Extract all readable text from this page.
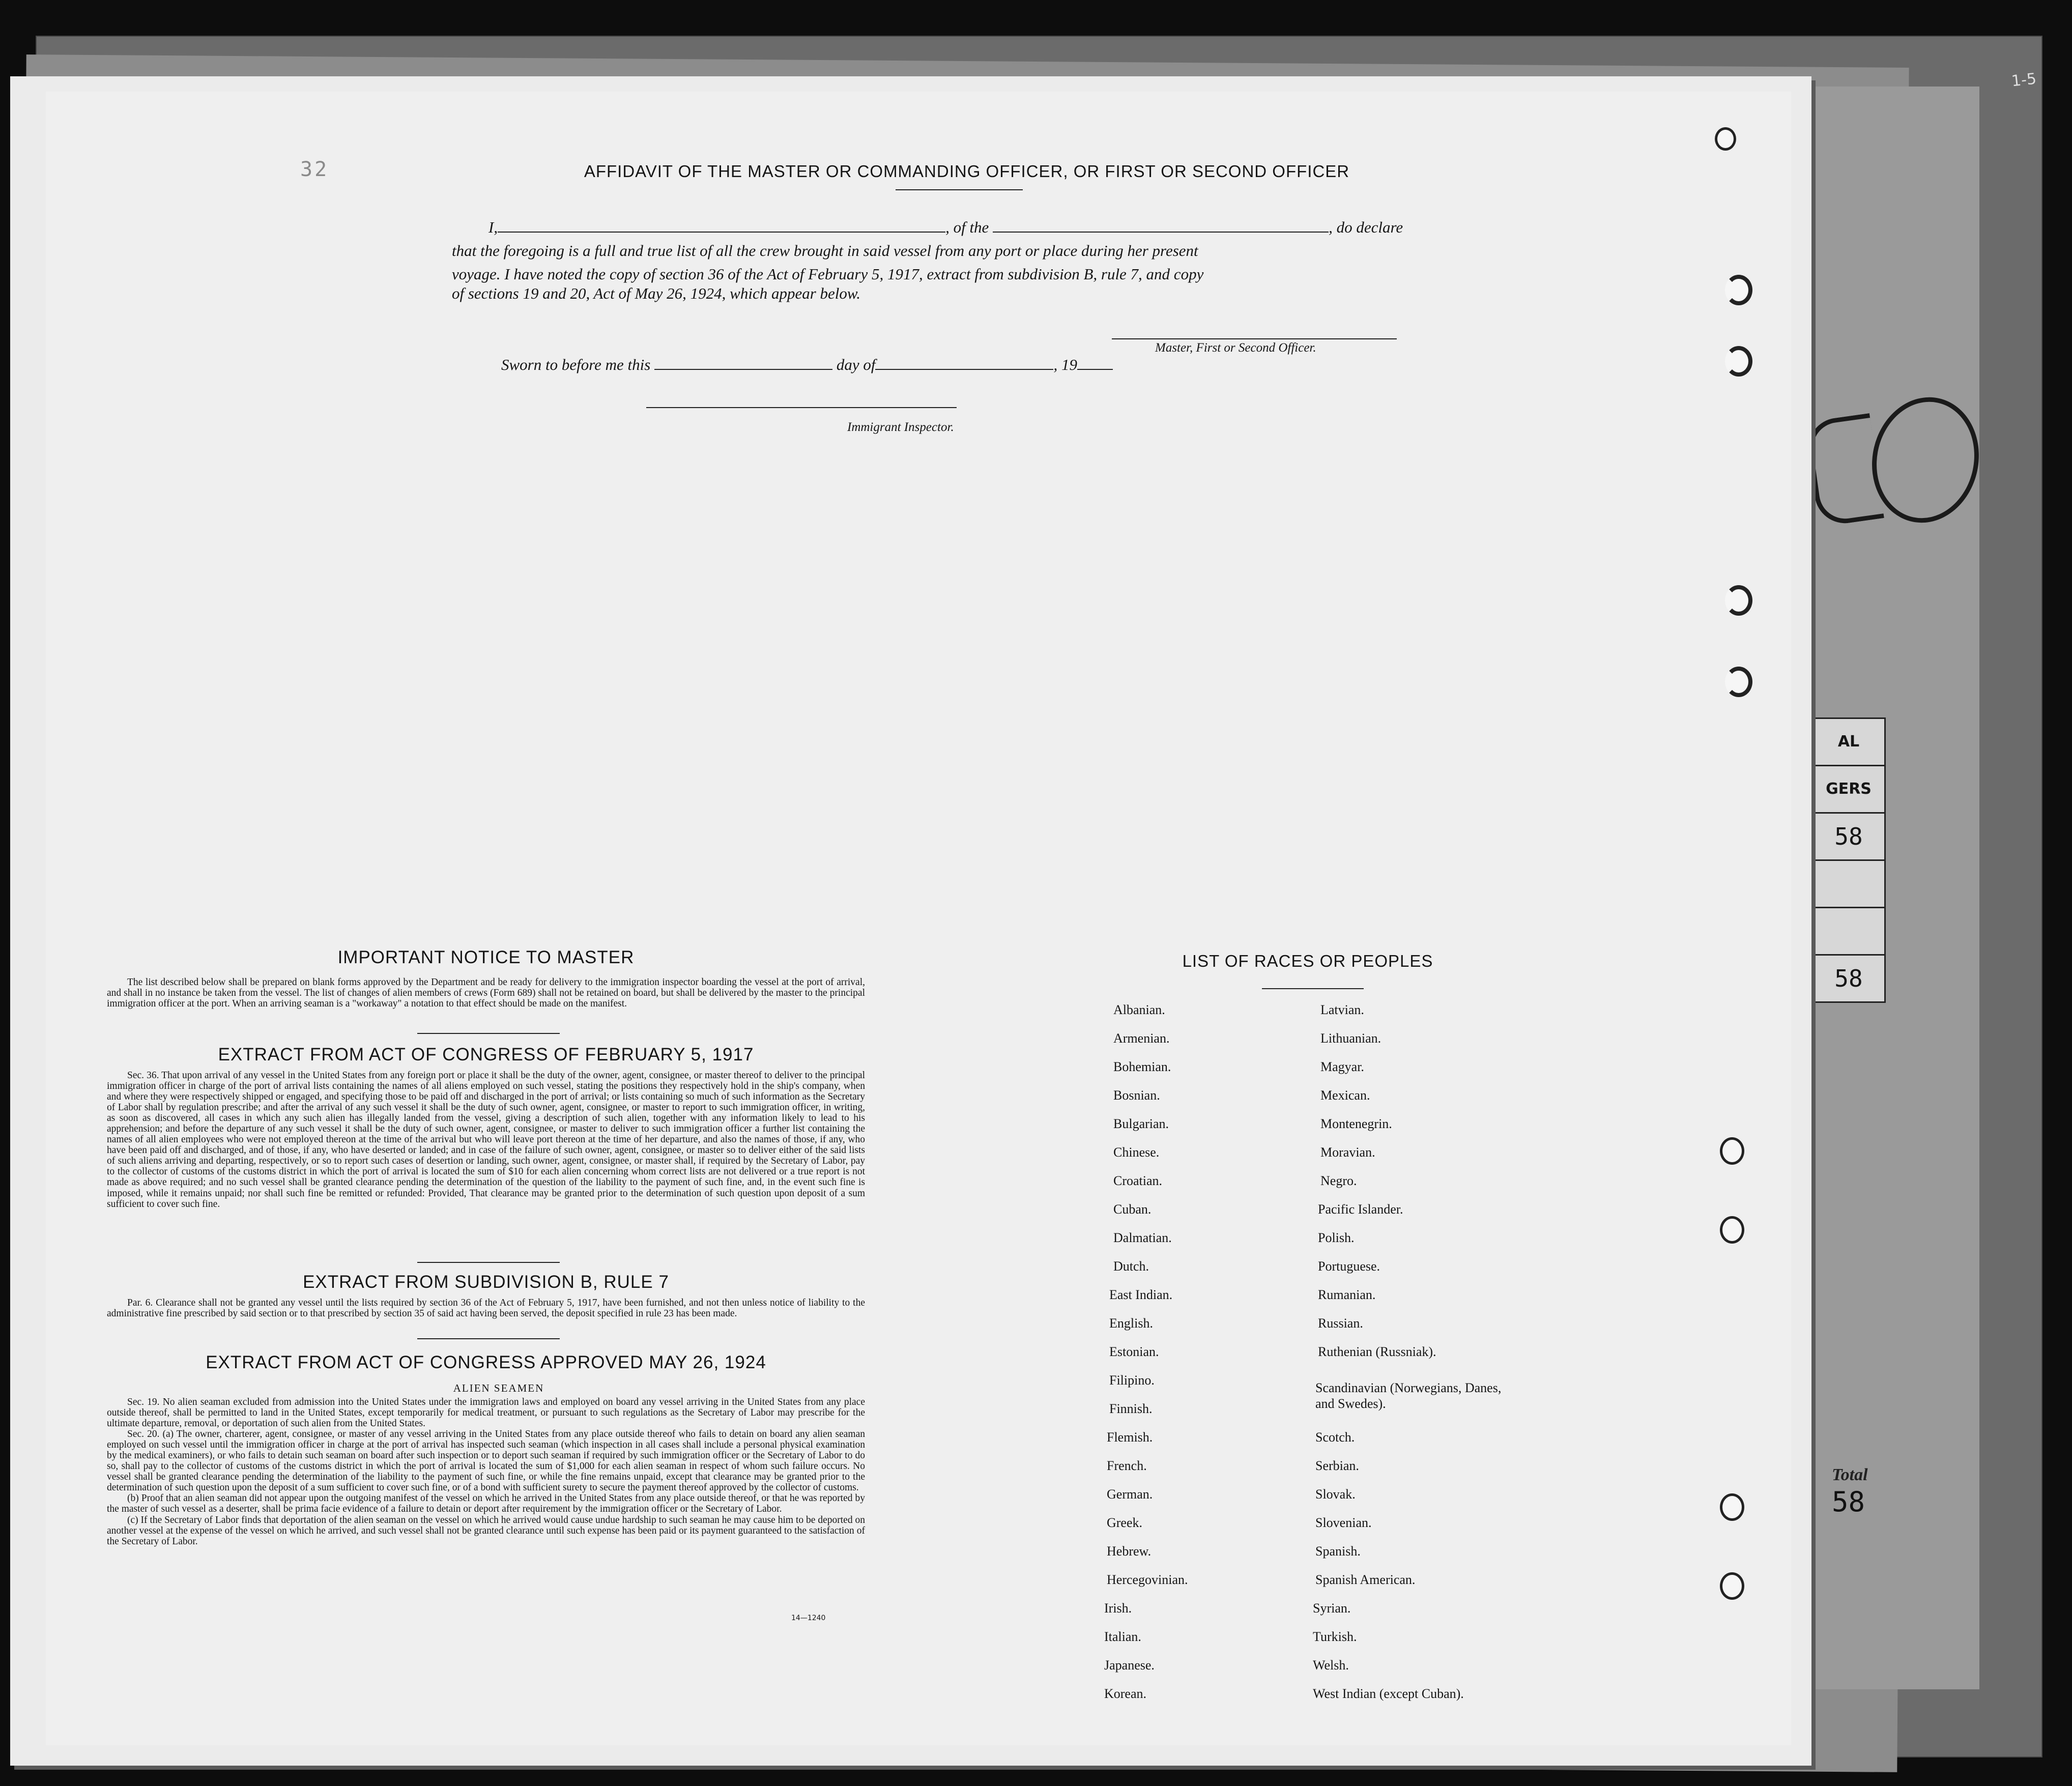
1-5
AL
GERS
58
58
Total
58
32	AFFIDAVIT OF THE MASTER OR COMMANDING OFFICER, OR FIRST OR SECOND OFFICER
I,	, of the	, do declare
that the foregoing is a full and true list of all the crew brought in said vessel from any port or place during her present
voyage. I have noted the copy of section 36 of the Act of February 5, 1917, extract from subdivision B, rule 7, and copy
of sections 19 and 20, Act of May 26, 1924, which appear below.
Master, First or Second Officer.
Sworn to before me this	day of	, 19
Immigrant Inspector.
IMPORTANT NOTICE TO MASTER

The list described below shall be prepared on blank forms approved by the Department and be ready for delivery to the immigration inspector boarding the vessel at the port of arrival, and shall in no instance be taken from the vessel. The list of changes of alien members of crews (Form 689) shall not be retained on board, but shall be delivered by the master to the principal immigration officer at the port. When an arriving seaman is a "workaway" a notation to that effect should be made on the manifest.

EXTRACT FROM ACT OF CONGRESS OF FEBRUARY 5, 1917

Sec. 36. That upon arrival of any vessel in the United States from any foreign port or place it shall be the duty of the owner, agent, consignee, or master thereof to deliver to the principal immigration officer in charge of the port of arrival lists containing the names of all aliens employed on such vessel, stating the positions they respectively hold in the ship's company, when and where they were respectively shipped or engaged, and specifying those to be paid off and discharged in the port of arrival; or lists containing so much of such information as the Secretary of Labor shall by regulation prescribe; and after the arrival of any such vessel it shall be the duty of such owner, agent, consignee, or master to report to such immigration officer, in writing, as soon as discovered, all cases in which any such alien has illegally landed from the vessel, giving a description of such alien, together with any information likely to lead to his apprehension; and before the departure of any such vessel it shall be the duty of such owner, agent, consignee, or master to deliver to such immigration officer a further list containing the names of all alien employees who were not employed thereon at the time of the arrival but who will leave port thereon at the time of her departure, and also the names of those, if any, who have been paid off and discharged, and of those, if any, who have deserted or landed; and in case of the failure of such owner, agent, consignee, or master so to deliver either of the said lists of such aliens arriving and departing, respectively, or so to report such cases of desertion or landing, such owner, agent, consignee, or master shall, if required by the Secretary of Labor, pay to the collector of customs of the customs district in which the port of arrival is located the sum of $10 for each alien concerning whom correct lists are not delivered or a true report is not made as above required; and no such vessel shall be granted clearance pending the determination of the question of the liability to the payment of such fine, and, in the event such fine is imposed, while it remains unpaid; nor shall such fine be remitted or refunded: Provided, That clearance may be granted prior to the determination of such question upon deposit of a sum sufficient to cover such fine.

EXTRACT FROM SUBDIVISION B, RULE 7

Par. 6. Clearance shall not be granted any vessel until the lists required by section 36 of the Act of February 5, 1917, have been furnished, and not then unless notice of liability to the administrative fine prescribed by said section or to that prescribed by section 35 of said act having been served, the deposit specified in rule 23 has been made.

EXTRACT FROM ACT OF CONGRESS APPROVED MAY 26, 1924
ALIEN SEAMEN

Sec. 19. No alien seaman excluded from admission into the United States under the immigration laws and employed on board any vessel arriving in the United States from any place outside thereof, shall be permitted to land in the United States, except temporarily for medical treatment, or pursuant to such regulations as the Secretary of Labor may prescribe for the ultimate departure, removal, or deportation of such alien from the United States.

Sec. 20. (a) The owner, charterer, agent, consignee, or master of any vessel arriving in the United States from any place outside thereof who fails to detain on board any alien seaman employed on such vessel until the immigration officer in charge at the port of arrival has inspected such seaman (which inspection in all cases shall include a personal physical examination by the medical examiners), or who fails to detain such seaman on board after such inspection or to deport such seaman if required by such immigration officer or the Secretary of Labor to do so, shall pay to the collector of customs of the customs district in which the port of arrival is located the sum of $1,000 for each alien seaman in respect of whom such failure occurs. No vessel shall be granted clearance pending the determination of the liability to the payment of such fine, or while the fine remains unpaid, except that clearance may be granted prior to the determination of such question upon the deposit of a sum sufficient to cover such fine, or of a bond with sufficient surety to secure the payment thereof approved by the collector of customs.

(b) Proof that an alien seaman did not appear upon the outgoing manifest of the vessel on which he arrived in the United States from any place outside thereof, or that he was reported by the master of such vessel as a deserter, shall be prima facie evidence of a failure to detain or deport after requirement by the immigration officer or the Secretary of Labor.

(c) If the Secretary of Labor finds that deportation of the alien seaman on the vessel on which he arrived would cause undue hardship to such seaman he may cause him to be deported on another vessel at the expense of the vessel on which he arrived, and such vessel shall not be granted clearance until such expense has been paid or its payment guaranteed to the satisfaction of the Secretary of Labor.

14—1240
LIST OF RACES OR PEOPLES
Albanian.
Armenian.
Bohemian.
Bosnian.
Bulgarian.
Chinese.
Croatian.
Cuban.
Dalmatian.
Dutch.
East Indian.
English.
Estonian.
Filipino.
Finnish.
Flemish.
French.
German.
Greek.
Hebrew.
Hercegovinian.
Irish.
Italian.
Japanese.
Korean.
Latvian.
Lithuanian.
Magyar.
Mexican.
Montenegrin.
Moravian.
Negro.
Pacific Islander.
Polish.
Portuguese.
Rumanian.
Russian.
Ruthenian (Russniak).
Scandinavian (Norwegians, Danes, and Swedes).
Scotch.
Serbian.
Slovak.
Slovenian.
Spanish.
Spanish American.
Syrian.
Turkish.
Welsh.
West Indian (except Cuban).
